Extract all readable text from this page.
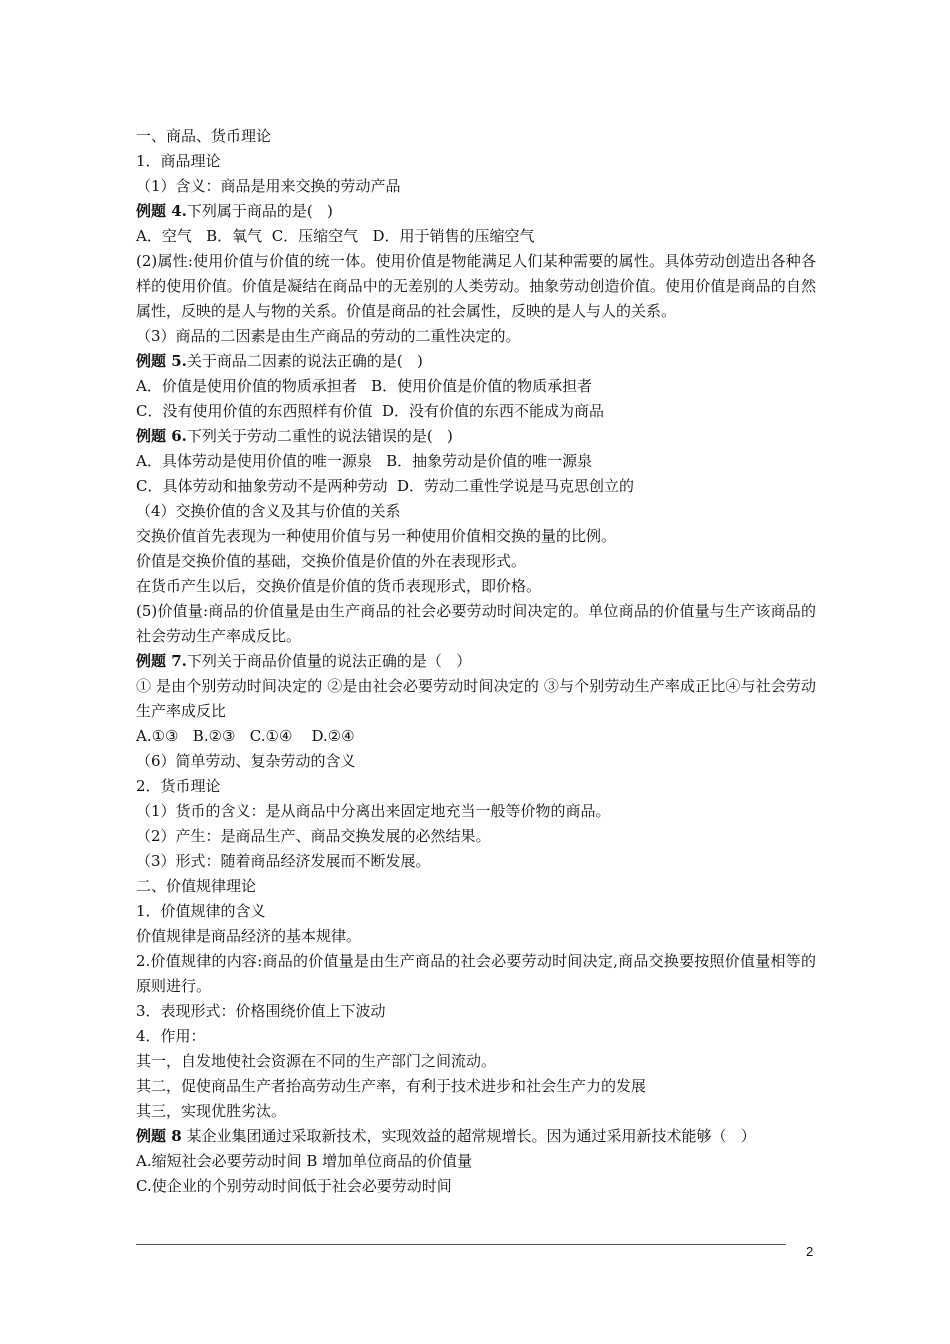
一、商品、货币理论
1．商品理论
（1）含义：商品是用来交换的劳动产品
例题 4.下列属于商品的是(   )
A．空气   B．氧气  C．压缩空气   D．用于销售的压缩空气
(2)属性:使用价值与价值的统一体。使用价值是物能满足人们某种需要的属性。具体劳动创造出各种各样的使用价值。价值是凝结在商品中的无差别的人类劳动。抽象劳动创造价值。使用价值是商品的自然属性，反映的是人与物的关系。价值是商品的社会属性，反映的是人与人的关系。
（3）商品的二因素是由生产商品的劳动的二重性决定的。
例题 5.关于商品二因素的说法正确的是(   )
A．价值是使用价值的物质承担者   B．使用价值是价值的物质承担者
C．没有使用价值的东西照样有价值  D．没有价值的东西不能成为商品
例题 6.下列关于劳动二重性的说法错误的是(   )
A．具体劳动是使用价值的唯一源泉   B．抽象劳动是价值的唯一源泉
C．具体劳动和抽象劳动不是两种劳动  D．劳动二重性学说是马克思创立的
（4）交换价值的含义及其与价值的关系
交换价值首先表现为一种使用价值与另一种使用价值相交换的量的比例。
价值是交换价值的基础，交换价值是价值的外在表现形式。
在货币产生以后，交换价值是价值的货币表现形式，即价格。
(5)价值量:商品的价值量是由生产商品的社会必要劳动时间决定的。单位商品的价值量与生产该商品的社会劳动生产率成反比。
例题 7.下列关于商品价值量的说法正确的是（   ）
① 是由个别劳动时间决定的 ②是由社会必要劳动时间决定的 ③与个别劳动生产率成正比④与社会劳动生产率成反比
A.①③   B.②③   C.①④    D.②④
（6）简单劳动、复杂劳动的含义
2．货币理论
（1）货币的含义：是从商品中分离出来固定地充当一般等价物的商品。
（2）产生：是商品生产、商品交换发展的必然结果。
（3）形式：随着商品经济发展而不断发展。
二、价值规律理论
1．价值规律的含义
价值规律是商品经济的基本规律。
2.价值规律的内容:商品的价值量是由生产商品的社会必要劳动时间决定,商品交换要按照价值量相等的原则进行。
3．表现形式：价格围绕价值上下波动
4．作用：
其一，自发地使社会资源在不同的生产部门之间流动。
其二，促使商品生产者抬高劳动生产率，有利于技术进步和社会生产力的发展
其三，实现优胜劣汰。
例题 8 某企业集团通过采取新技术，实现效益的超常规增长。因为通过采用新技术能够（   ）
A.缩短社会必要劳动时间 B 增加单位商品的价值量
C.使企业的个别劳动时间低于社会必要劳动时间
2
